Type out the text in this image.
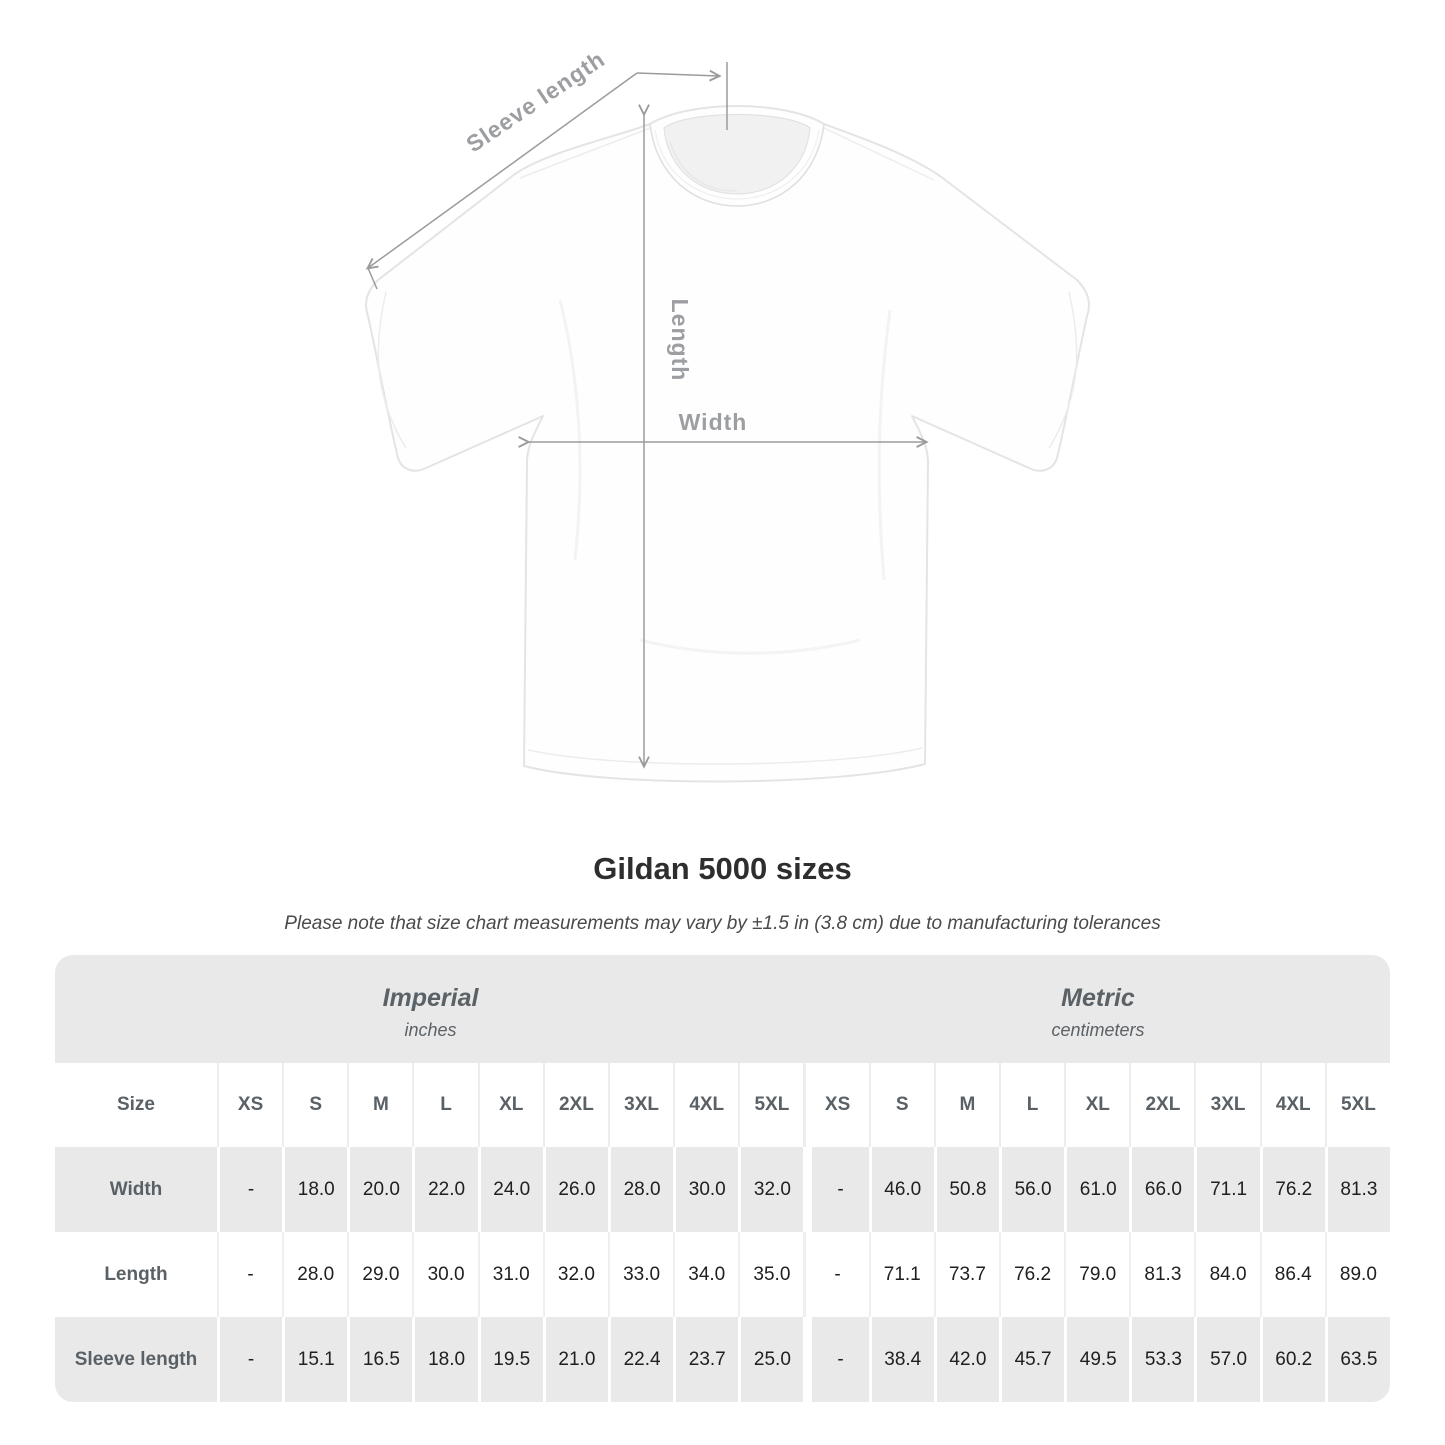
Sleeve length
Length
Width
Gildan 5000 sizes
Please note that size chart measurements may vary by ±1.5 in (3.8 cm) due to manufacturing tolerances
Imperial
inches
Metric
centimeters
Size	XS	S	M	L	XL	2XL	3XL	4XL	5XL	XS	S	M	L	XL	2XL	3XL	4XL	5XL
Width	-	18.0	20.0	22.0	24.0	26.0	28.0	30.0	32.0	-	46.0	50.8	56.0	61.0	66.0	71.1	76.2	81.3
Length	-	28.0	29.0	30.0	31.0	32.0	33.0	34.0	35.0	-	71.1	73.7	76.2	79.0	81.3	84.0	86.4	89.0
Sleeve length	-	15.1	16.5	18.0	19.5	21.0	22.4	23.7	25.0	-	38.4	42.0	45.7	49.5	53.3	57.0	60.2	63.5
